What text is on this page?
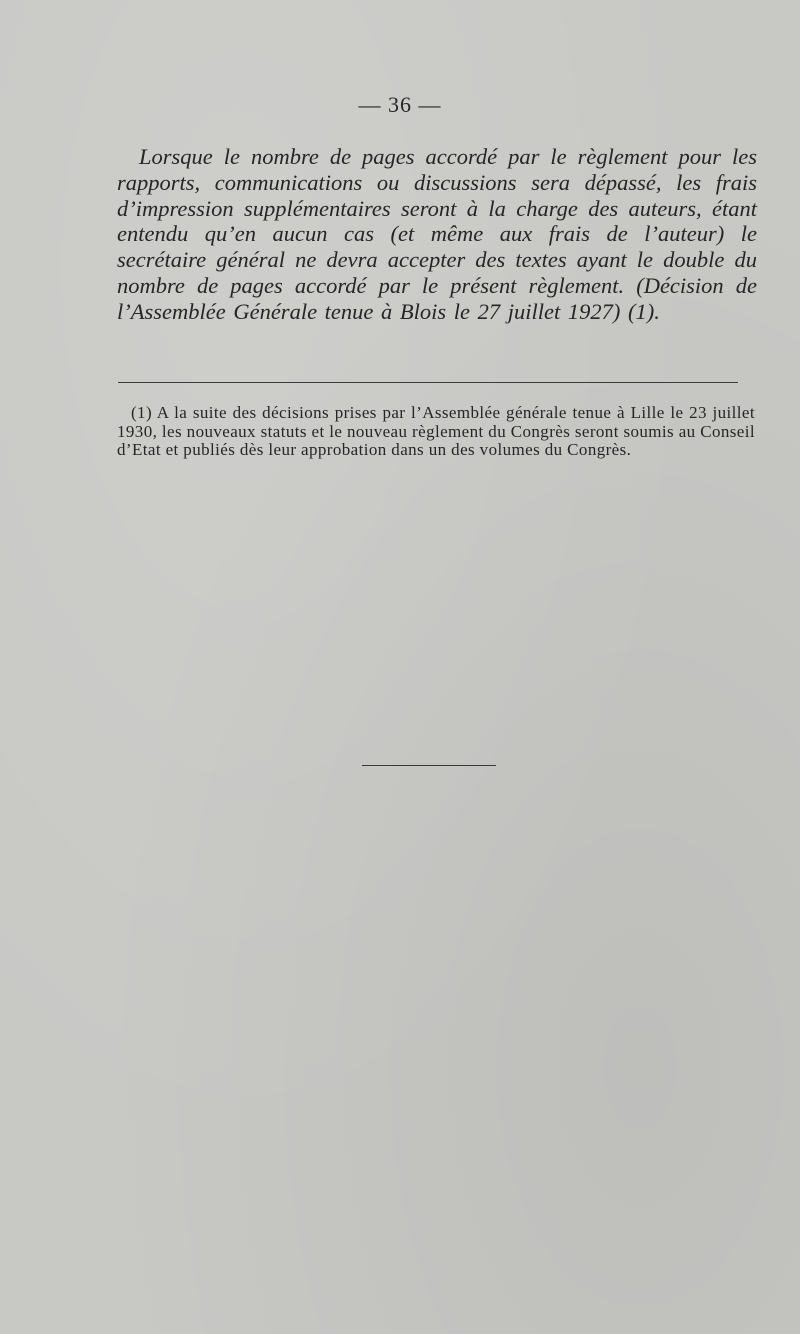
— 36 —

Lorsque le nombre de pages accordé par le règlement pour les rapports, communications ou discussions sera dépassé, les frais d’impression supplémentaires seront à la charge des auteurs, étant entendu qu’en aucun cas (et même aux frais de l’auteur) le secrétaire général ne devra accepter des textes ayant le double du nombre de pages accordé par le présent règlement. (Décision de l’Assemblée Générale tenue à Blois le 27 juillet 1927) (1).

(1) A la suite des décisions prises par l’Assemblée générale tenue à Lille le 23 juillet 1930, les nouveaux statuts et le nouveau règlement du Congrès seront soumis au Conseil d’Etat et publiés dès leur approbation dans un des volumes du Congrès.
